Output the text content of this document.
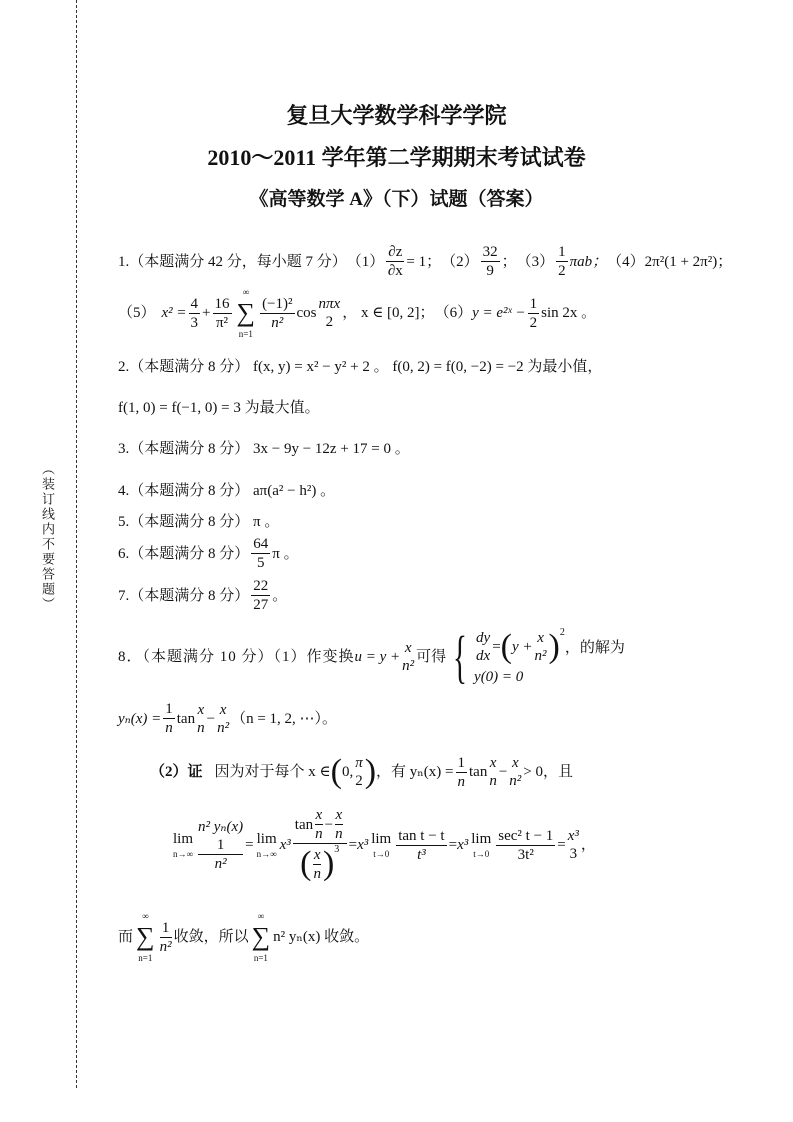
（装订线内不要答题）
复旦大学数学科学学院
2010～2011 学年第二学期期末考试试卷
《高等数学 A》（下）试题（答案）
1.（本题满分 42 分，每小题 7 分） $(1) \frac{\partial z}{\partial x} = 1$； $(2) \frac{32}{9}$ ； $(3) \frac{1}{2}$ πab； （4）2π²(1 + 2π²)；
（5） $x^2 = \frac{4}{3} + \frac{16}{\text{π²}}$
∞
∑
n=1
$\frac{\text{(−1)²}}{\text{n²}}$ cos
nπx
2
， x ∈ [0, 2]； （6） y = e²ˣ − $\frac{1}{2}$ sin 2x 。
2.（本题满分 8 分） f(x, y) = x² − y² + 2 。 f(0, 2) = f(0, −2) = −2 为最小值，
f(1, 0) = f(−1, 0) = 3 为最大值。
3.（本题满分 8 分） 3x − 9y − 12z + 17 = 0 。
4.（本题满分 8 分） aπ(a² − h²) 。
5.（本题满分 8 分） π 。
6.（本题满分 8 分） $\frac{64}{5}$ π 。
7.（本题满分 8 分） $\frac{22}{27}$ 。
8．（本题满分 10 分）（1）作变换 u = y +
x
n²
可得 { dy
dx
= ( y +
x
n² )$^2$
y(0) = 0
，的解为
$y_n(x) = \frac{1}{n}$ tan
x
n
−
x
n²
（n = 1, 2, ⋯）。
（2）证 因为对于每个 x ∈ ( 0,
π
2 ) ，有 $y_n(x) = \frac{1}{n}$ tan
x
n
−
x
n²
> 0，且
lim
n→∞
n² yₙ(x)
$\frac{1}{\text{n²}} = \lim$
n→∞
$x^3 \frac{\tan \frac{x}{n} - \frac{x}{n}}{( \frac{x}{n} )^3} = x^3$ lim
$t\to 0 \frac{\text{tan t − t}}{\text{t³}} = x^3$ lim
$t\to 0 \frac{\text{sec² t − 1}}{\text{3t²}}$ =
x³
3
，
而
∞
∑
n=1
$\frac{1}{\text{n²}}$ 收敛，所以
∞
∑
n=1
n² yₙ(x) 收敛。
